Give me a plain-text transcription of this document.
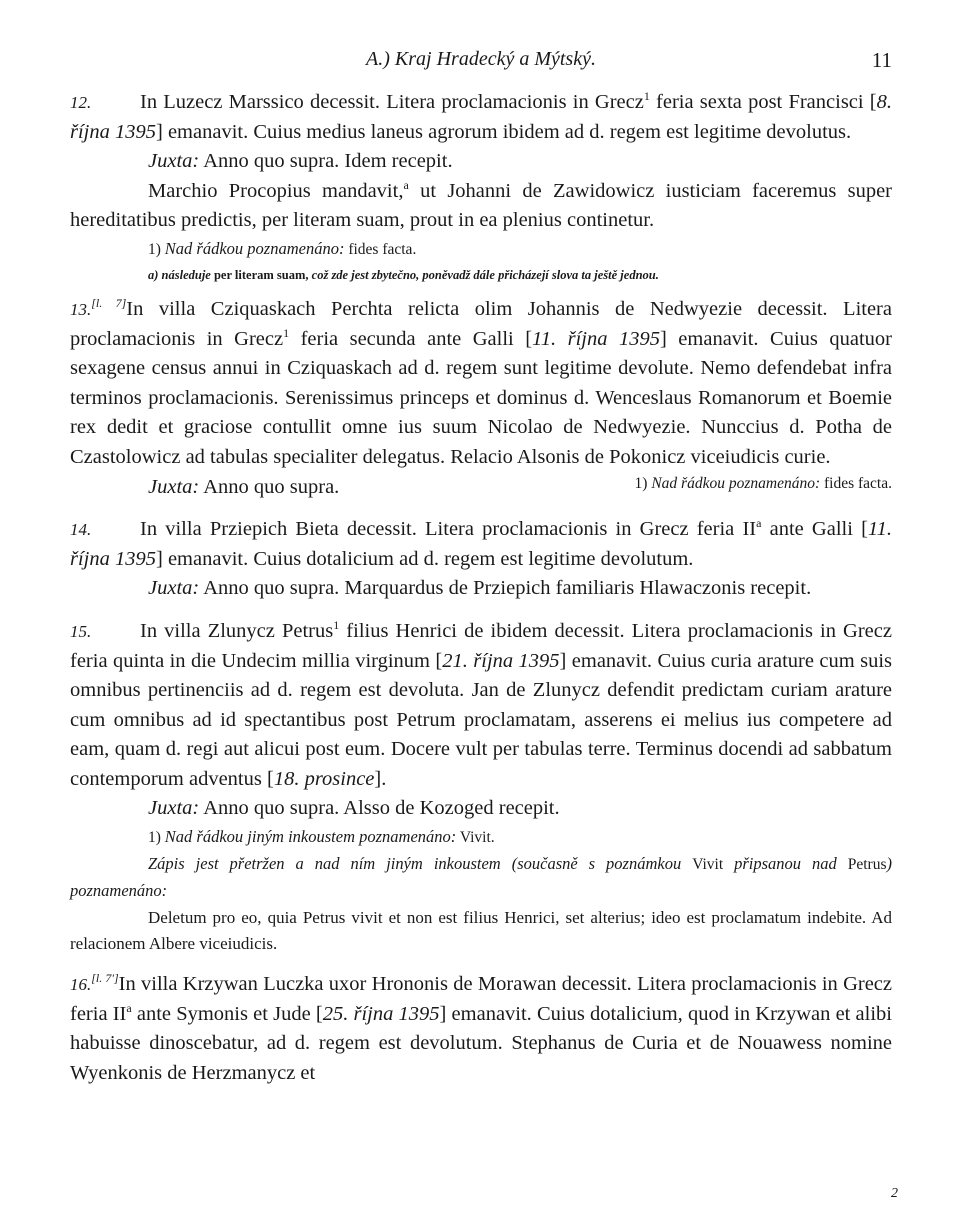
A.) Kraj Hradecký a Mýtský.	11

12. In Luzecz Marssico decessit. Litera proclamacionis in Grecz$^1$ feria sexta post Francisci [8. října 1395] emanavit. Cuius medius laneus agrorum ibidem ad d. regem est legitime devolutus.

Juxta: Anno quo supra. Idem recepit.

Marchio Procopius mandavit,$^a$ ut Johanni de Zawidowicz iusticiam faceremus super hereditatibus predictis, per literam suam, prout in ea plenius continetur.

1) Nad řádkou poznamenáno: fides facta.
a) následuje per literam suam, což zde jest zbytečno, poněvadž dále přicházejí slova ta ještě jednou.

13.[l. 7]In villa Cziquaskach Perchta relicta olim Johannis de Nedwyezie decessit. Litera proclamacionis in Grecz$^1$ feria secunda ante Galli [11. října 1395] emanavit. Cuius quatuor sexagene census annui in Cziquaskach ad d. regem sunt legitime devolute. Nemo defendebat infra terminos proclamacionis. Serenissimus princeps et dominus d. Wenceslaus Romanorum et Boemie rex dedit et graciose contullit omne ius suum Nicolao de Nedwyezie. Nunccius d. Potha de Czastolowicz ad tabulas specialiter delegatus. Relacio Alsonis de Pokonicz viceiudicis curie.

Juxta: Anno quo supra.	1) Nad řádkou poznamenáno: fides facta.

14. In villa Prziepich Bieta decessit. Litera proclamacionis in Grecz feria $II^a$ ante Galli [11. října 1395] emanavit. Cuius dotalicium ad d. regem est legitime devolutum.

Juxta: Anno quo supra. Marquardus de Prziepich familiaris Hlawaczonis recepit.

15. In villa Zlunycz Petrus$^1$ filius Henrici de ibidem decessit. Litera proclamacionis in Grecz feria quinta in die Undecim millia virginum [21. října 1395] emanavit. Cuius curia arature cum suis omnibus pertinenciis ad d. regem est devoluta. Jan de Zlunycz defendit predictam curiam arature cum omnibus ad id spectantibus post Petrum proclamatam, asserens ei melius ius competere ad eam, quam d. regi aut alicui post eum. Docere vult per tabulas terre. Terminus docendi ad sabbatum contemporum adventus [18. prosince].

Juxta: Anno quo supra. Alsso de Kozoged recepit.

1) Nad řádkou jiným inkoustem poznamenáno: Vivit.
Zápis jest přetržen a nad ním jiným inkoustem (současně s poznámkou Vivit připsanou nad Petrus) poznamenáno:
Deletum pro eo, quia Petrus vivit et non est filius Henrici, set alterius; ideo est proclamatum indebite. Ad relacionem Albere viceiudicis.

16.[l. 7']In villa Krzywan Luczka uxor Hrononis de Morawan decessit. Litera proclamacionis in Grecz feria $II^a$ ante Symonis et Jude [25. října 1395] emanavit. Cuius dotalicium, quod in Krzywan et alibi habuisse dinoscebatur, ad d. regem est devolutum. Stephanus de Curia et de Nouawess nomine Wyenkonis de Herzmanycz et

2
